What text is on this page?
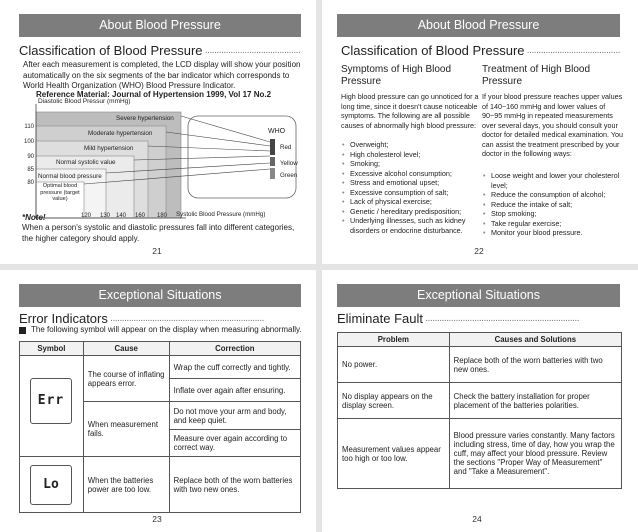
About Blood Pressure
Classification of Blood Pressure ·····
After each measurement is completed, the LCD display will show your position automatically on the six segments of the bar indicator which corresponds to World Health Organization (WHO) Blood Pressure Indicator.
Reference Material: Journal of Hypertension 1999, Vol 17 No.2
Diastolic Blood Pressur (mmHg)
Systolic Blood Pressure (mmHg)
110
100
90
85
80
120 130 140 160 180
Severe hypertension
Moderate hypertension
Mild hypertension
Normal systolic value
Normal blood pressure
Optimal blood pressure (target value)
WHO
Red
Yellow
Green
*Note!
When a person's systolic and diastolic pressures fall into different categories, the higher category should apply.
21
About Blood Pressure
Classification of Blood Pressure ·····
Symptoms of High Blood Pressure
High blood pressure can go unnoticed for a long time, since it doesn't cause noticeable symptoms. The following are all possible causes of abnormally high blood pressure:
• Overweight;
• High cholesterol level;
• Smoking;
• Excessive alcohol consumption;
• Stress and emotional upset;
• Excessive consumption of salt;
• Lack of physical exercise;
• Genetic / hereditary predisposition;
• Underlying illnesses, such as kidney disorders or endocrine disturbance.
Treatment of High Blood Pressure
If your blood pressure reaches upper values of 140~160 mmHg and lower values of 90~95 mmHg in repeated measurements over several days, you should consult your doctor for detailed medical examination. You can assist the treatment prescribed by your doctor in the following ways:
• Loose weight and lower your cholesterol level;
• Reduce the consumption of alcohol;
• Reduce the intake of salt;
• Stop smoking;
• Take regular exercise;
• Monitor your blood pressure.
22
Exceptional Situations
Error Indicators ·····
The following symbol will appear on the display when measuring abnormally.
Symbol	Cause	Correction

Err	The course of inflating appears error.	Wrap the cuff correctly and tightly.
		Inflate over again after ensuring.
	When measurement fails.	Do not move your arm and body, and keep quiet.
		Measure over again according to correct way.

Lo	When the batteries power are too low.	Replace both of the worn batteries with two new ones.
23
Exceptional Situations
Eliminate Fault ·····
Problem	Causes and Solutions
No power.	Replace both of the worn batteries with two new ones.
No display appears on the display screen.	Check the battery installation for proper placement of the batteries polarities.
Measurement values appear too high or too low.	Blood pressure varies constantly. Many factors including stress, time of day, how you wrap the cuff, may affect your blood pressure. Review the sections "Proper Way of Measurement" and "Take a Measurement".
24
